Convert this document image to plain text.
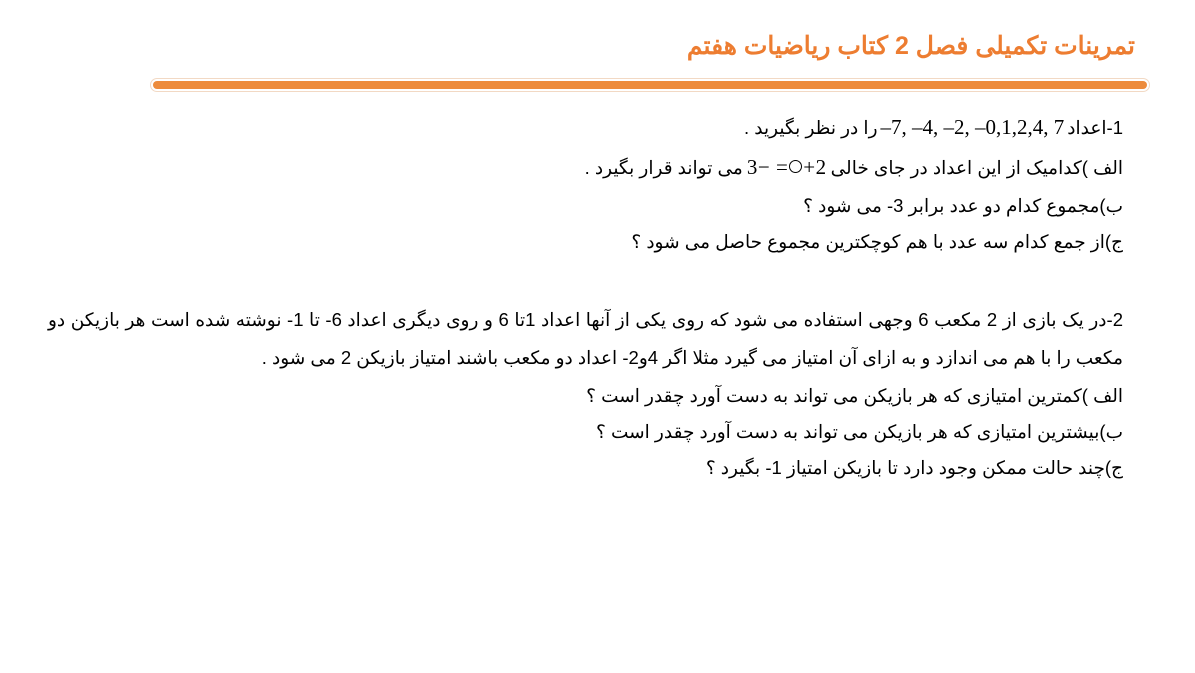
تمرینات تکمیلی فصل 2 کتاب ریاضیات هفتم
1-اعداد‒7, ‒4, ‒2, ‒0,1,2,4, 7را در نظر بگیرید .
الف )کدامیک از این اعداد در جای خالی3− = +2می تواند قرار بگیرد .
ب)مجموع کدام دو عدد برابر 3- می شود ؟
ج)از جمع کدام سه عدد با هم کوچکترین مجموع حاصل می شود ؟
2-در یک بازی از 2 مکعب 6 وجهی استفاده می شود که روی یکی از آنها اعداد 1تا 6 و روی دیگری اعداد 6- تا 1- نوشته شده است هر بازیکن دو مکعب را با هم می اندازد و به ازای آن امتیاز می گیرد مثلا اگر 4و2- اعداد دو مکعب باشند امتیاز بازیکن 2 می شود .
الف )کمترین امتیازی که هر بازیکن می تواند به دست آورد چقدر است ؟
ب)بیشترین امتیازی که هر بازیکن می تواند به دست آورد چقدر است ؟
ج)چند حالت ممکن وجود دارد تا بازیکن امتیاز 1- بگیرد ؟
